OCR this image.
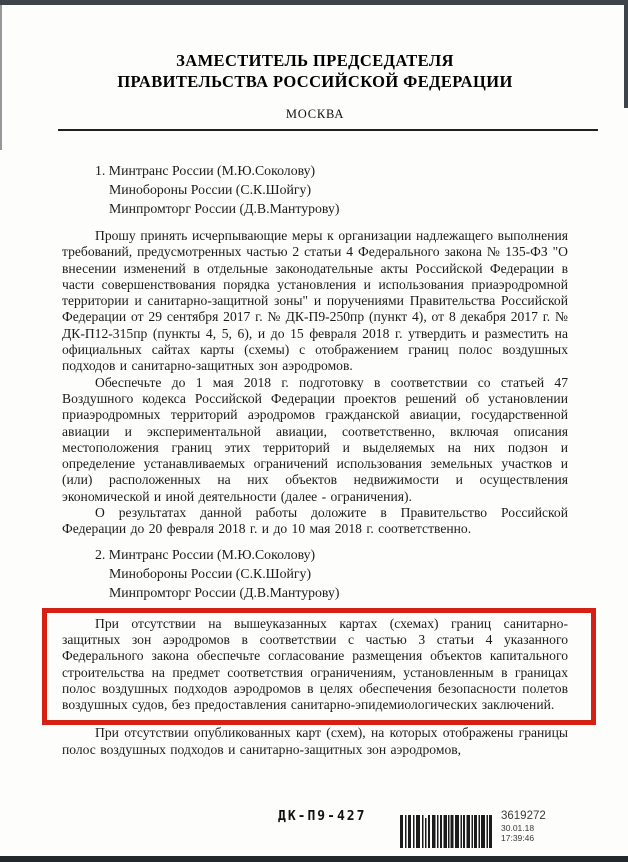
ЗАМЕСТИТЕЛЬ ПРЕДСЕДАТЕЛЯ
ПРАВИТЕЛЬСТВА РОССИЙСКОЙ ФЕДЕРАЦИИ
МОСКВА
1. Минтранс России (М.Ю.Соколову)
Минобороны России (С.К.Шойгу)
Минпромторг России (Д.В.Мантурову)

Прошу принять исчерпывающие меры к организации надлежащего выполнения требований, предусмотренных частью 2 статьи 4 Федерального закона № 135-ФЗ "О внесении изменений в отдельные законодательные акты Российской Федерации в части совершенствования порядка установления и использования приаэродромной территории и санитарно-защитной зоны" и поручениями Правительства Российской Федерации от 29 сентября 2017 г. № ДК-П9-250пр (пункт 4), от 8 декабря 2017 г. № ДК-П12-315пр (пункты 4, 5, 6), и до 15 февраля 2018 г. утвердить и разместить на официальных сайтах карты (схемы) с отображением границ полос воздушных подходов и санитарно-защитных зон аэродромов.

Обеспечьте до 1 мая 2018 г. подготовку в соответствии со статьей 47 Воздушного кодекса Российской Федерации проектов решений об установлении приаэродромных территорий аэродромов гражданской авиации, государственной авиации и экспериментальной авиации, соответственно, включая описания местоположения границ этих территорий и выделяемых на них подзон и определение устанавливаемых ограничений использования земельных участков и (или) расположенных на них объектов недвижимости и осуществления экономической и иной деятельности (далее - ограничения).

О результатах данной работы доложите в Правительство Российской Федерации до 20 февраля 2018 г. и до 10 мая 2018 г. соответственно.

2. Минтранс России (М.Ю.Соколову)
Минобороны России (С.К.Шойгу)
Минпромторг России (Д.В.Мантурову)

При отсутствии на вышеуказанных картах (схемах) границ санитарно-защитных зон аэродромов в соответствии с частью 3 статьи 4 указанного Федерального закона обеспечьте согласование размещения объектов капитального строительства на предмет соответствия ограничениям, установленным в границах полос воздушных подходов аэродромов в целях обеспечения безопасности полетов воздушных судов, без предоставления санитарно-эпидемиологических заключений.

При отсутствии опубликованных карт (схем), на которых отображены границы полос воздушных подходов и санитарно-защитных зон аэродромов,

ДК-П9-427	3619272
30.01.18
17:39:46
